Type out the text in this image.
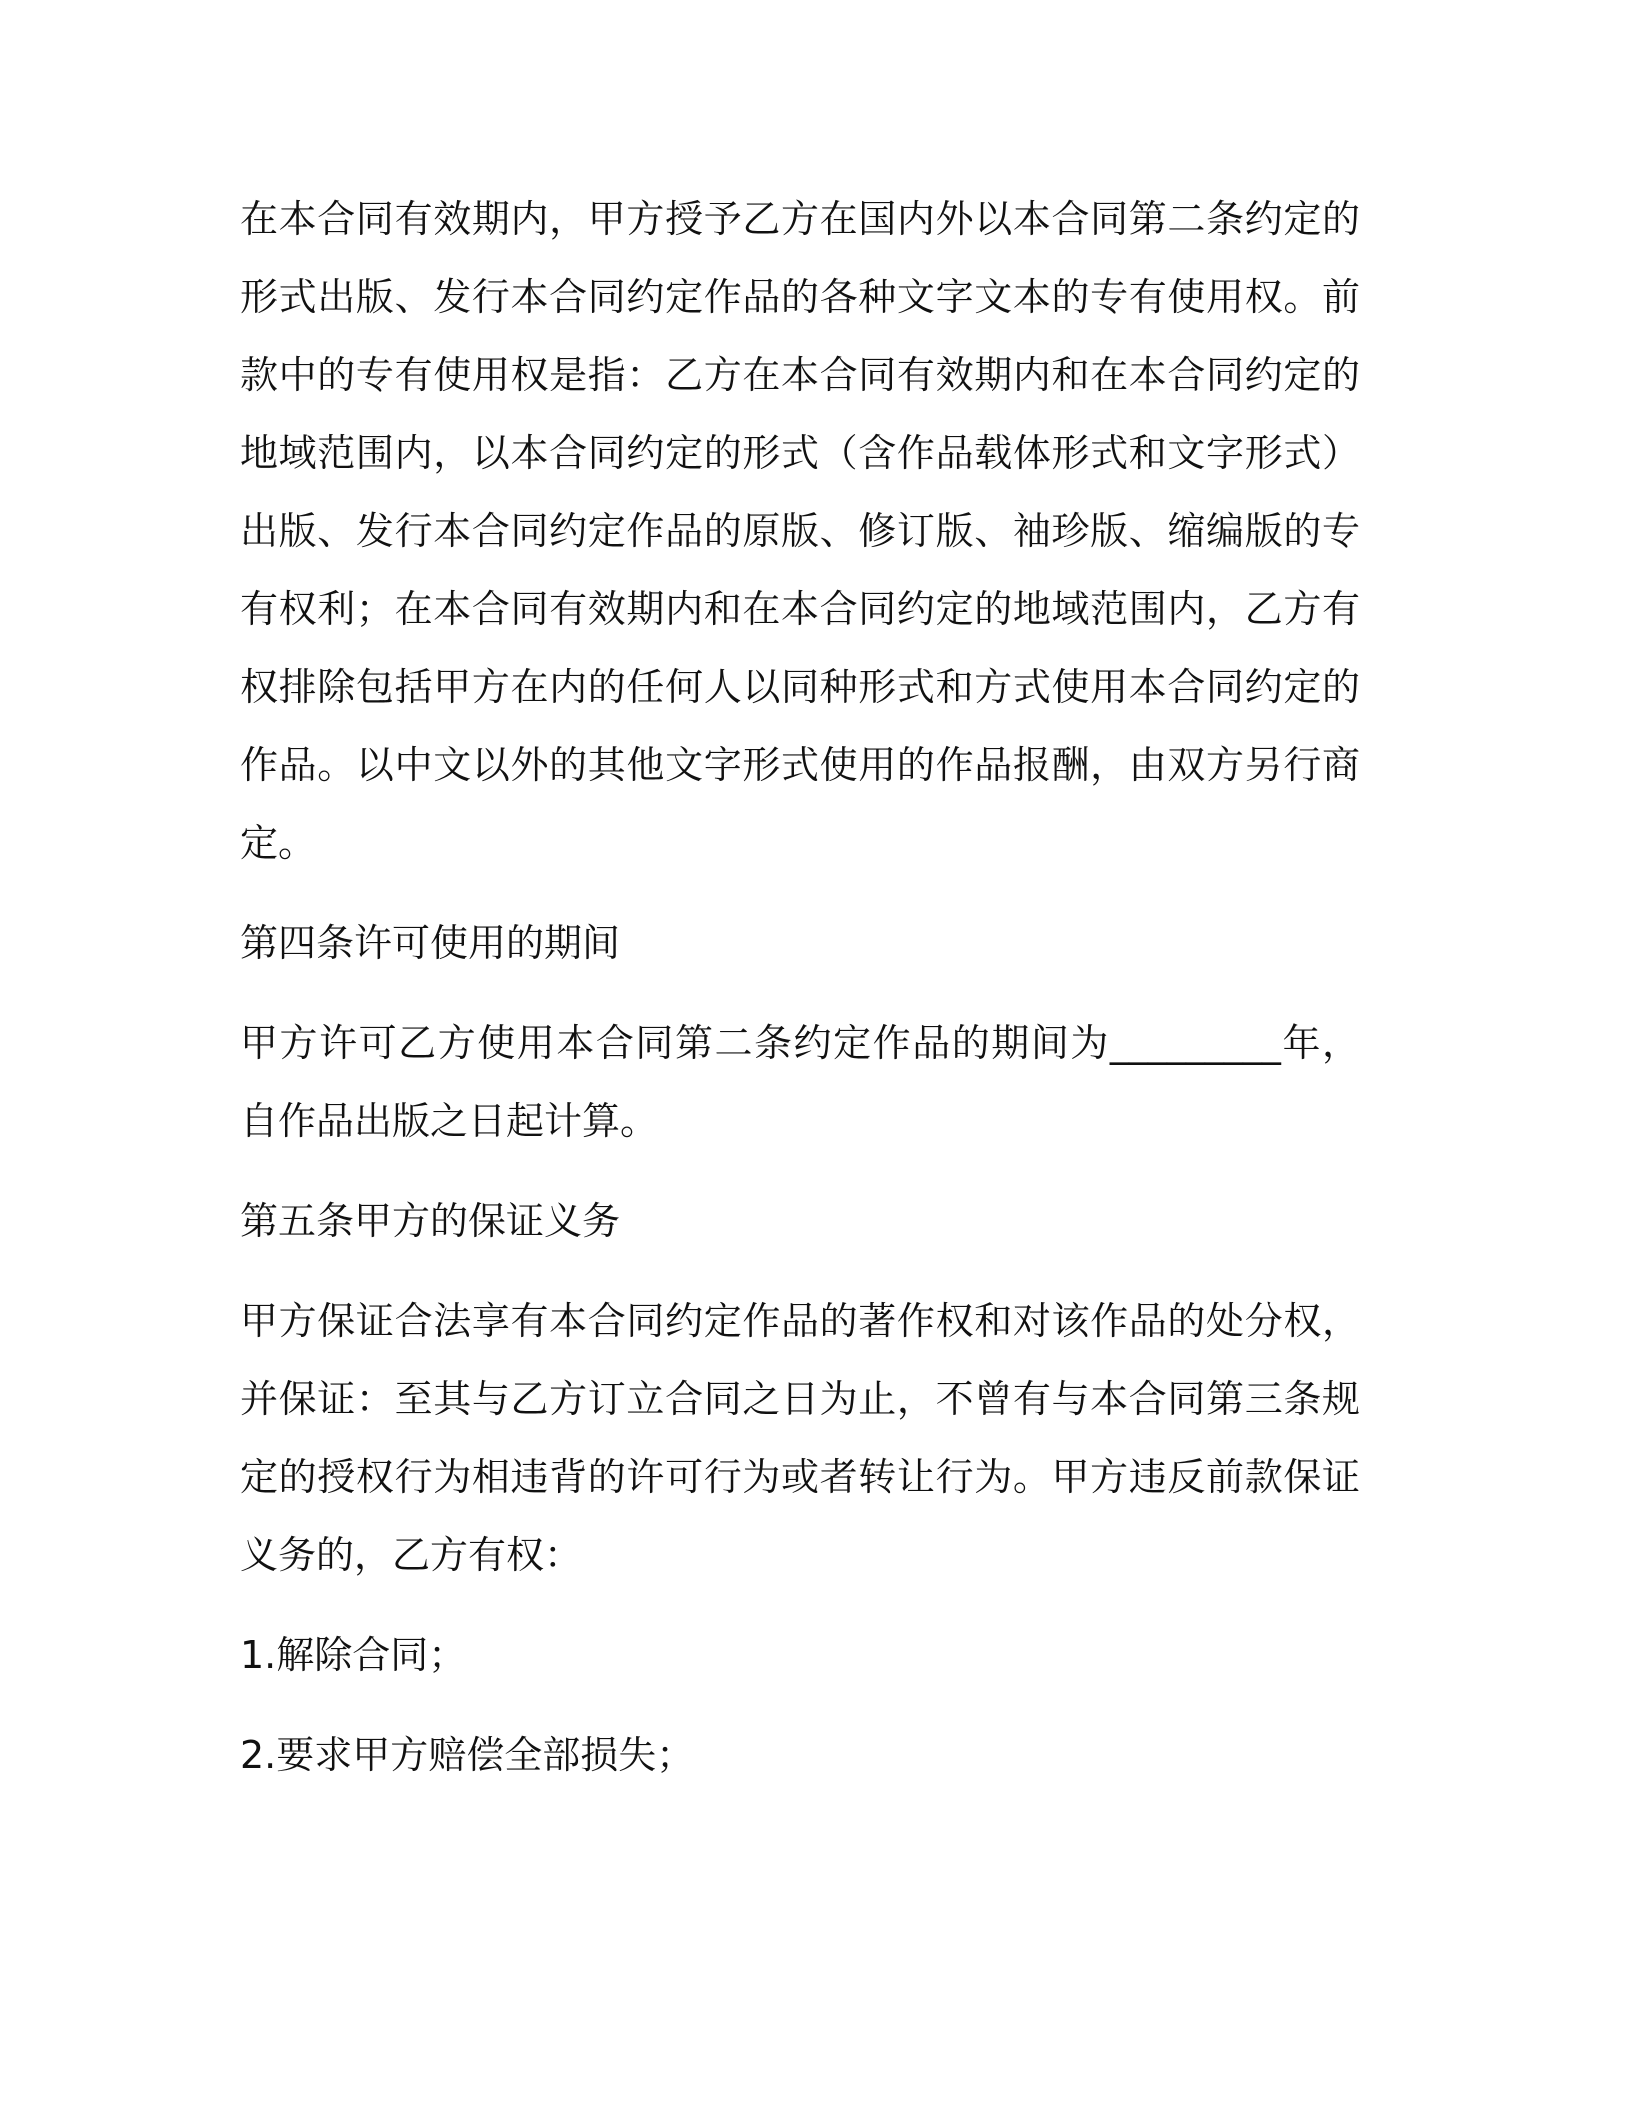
在本合同有效期内，甲方授予乙方在国内外以本合同第二条约定的形式出版、发行本合同约定作品的各种文字文本的专有使用权。前款中的专有使用权是指：乙方在本合同有效期内和在本合同约定的地域范围内，以本合同约定的形式（含作品载体形式和文字形式）出版、发行本合同约定作品的原版、修订版、袖珍版、缩编版的专有权利；在本合同有效期内和在本合同约定的地域范围内，乙方有权排除包括甲方在内的任何人以同种形式和方式使用本合同约定的作品。以中文以外的其他文字形式使用的作品报酬，由双方另行商定。

第四条许可使用的期间

甲方许可乙方使用本合同第二条约定作品的期间为_________年，自作品出版之日起计算。

第五条甲方的保证义务

甲方保证合法享有本合同约定作品的著作权和对该作品的处分权，并保证：至其与乙方订立合同之日为止，不曾有与本合同第三条规定的授权行为相违背的许可行为或者转让行为。甲方违反前款保证义务的，乙方有权：

1.解除合同；

2.要求甲方赔偿全部损失；
